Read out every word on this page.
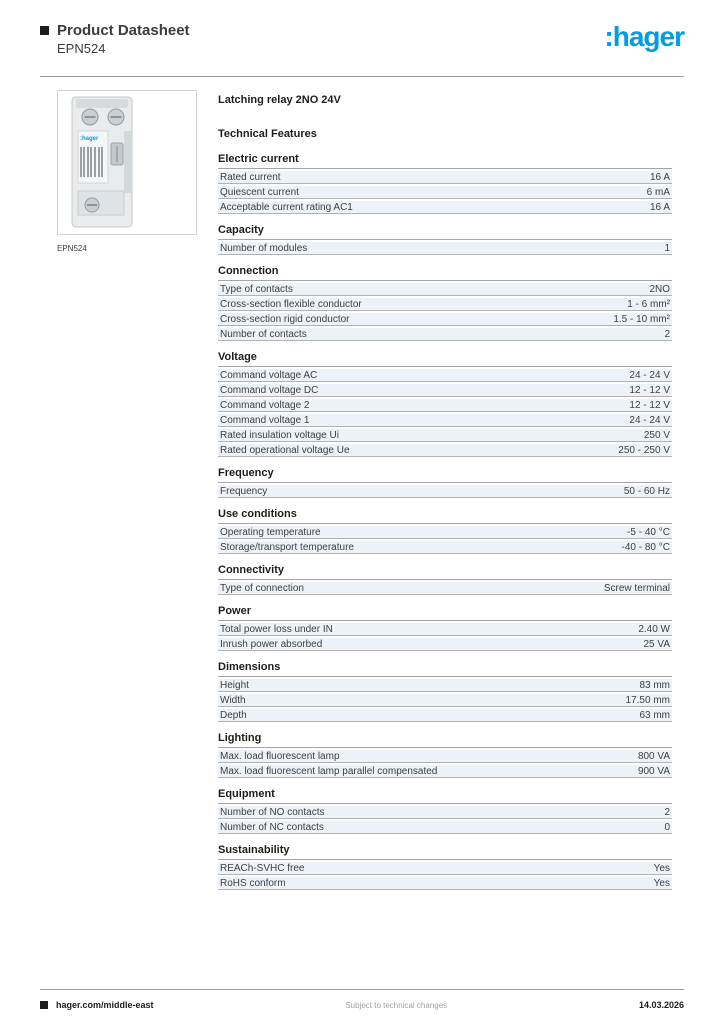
Product Datasheet
EPN524	:hager
:hager
EPN524
Latching relay 2NO 24V
Technical Features
Electric current
Rated current	16 A
Quiescent current	6 mA
Acceptable current rating AC1	16 A
Capacity
Number of modules	1
Connection
Type of contacts	2NO
Cross-section flexible conductor	1 - 6 mm²
Cross-section rigid conductor	1.5 - 10 mm²
Number of contacts	2
Voltage
Command voltage AC	24 - 24 V
Command voltage DC	12 - 12 V
Command voltage 2	12 - 12 V
Command voltage 1	24 - 24 V
Rated insulation voltage Ui	250 V
Rated operational voltage Ue	250 - 250 V
Frequency
Frequency	50 - 60 Hz
Use conditions
Operating temperature	-5 - 40 °C
Storage/transport temperature	-40 - 80 °C
Connectivity
Type of connection	Screw terminal
Power
Total power loss under IN	2.40 W
Inrush power absorbed	25 VA
Dimensions
Height	83 mm
Width	17.50 mm
Depth	63 mm
Lighting
Max. load fluorescent lamp	800 VA
Max. load fluorescent lamp parallel compensated	900 VA
Equipment
Number of NO contacts	2
Number of NC contacts	0
Sustainability
REACh-SVHC free	Yes
RoHS conform	Yes
hager.com/middle-east	Subject to technical changes	14.03.2026
